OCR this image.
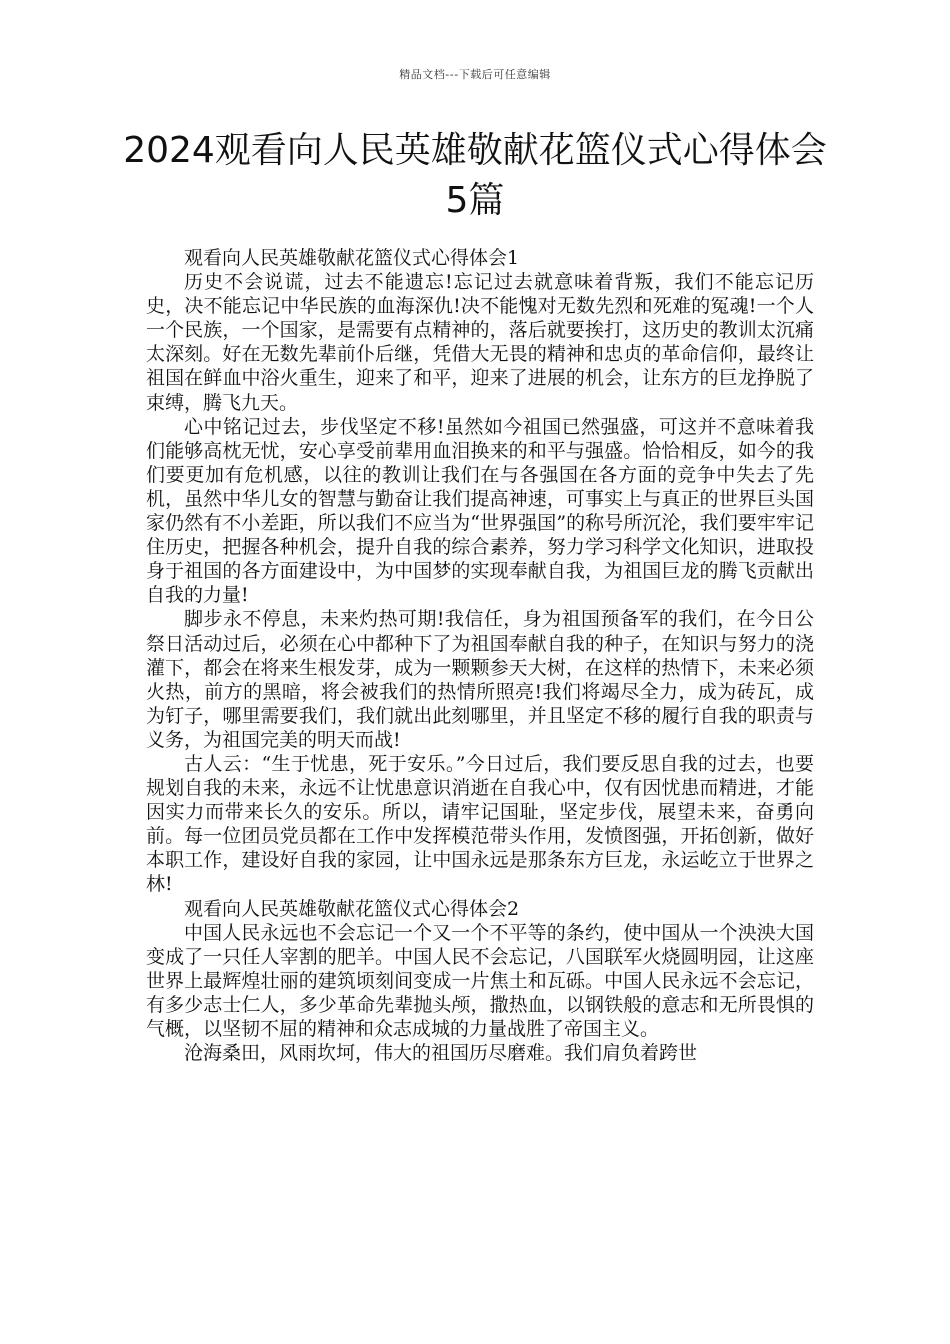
精品文档---下载后可任意编辑
2024观看向人民英雄敬献花篮仪式心得体会5篇

观看向人民英雄敬献花篮仪式心得体会1

历史不会说谎，过去不能遗忘!忘记过去就意味着背叛，我们不能忘记历史，决不能忘记中华民族的血海深仇!决不能愧对无数先烈和死难的冤魂!一个人一个民族，一个国家，是需要有点精神的，落后就要挨打，这历史的教训太沉痛太深刻。好在无数先辈前仆后继，凭借大无畏的精神和忠贞的革命信仰，最终让祖国在鲜血中浴火重生，迎来了和平，迎来了进展的机会，让东方的巨龙挣脱了束缚，腾飞九天。

心中铭记过去，步伐坚定不移!虽然如今祖国已然强盛，可这并不意味着我们能够高枕无忧，安心享受前辈用血泪换来的和平与强盛。恰恰相反，如今的我们要更加有危机感，以往的教训让我们在与各强国在各方面的竞争中失去了先机，虽然中华儿女的智慧与勤奋让我们提高神速，可事实上与真正的世界巨头国家仍然有不小差距，所以我们不应当为“世界强国”的称号所沉沦，我们要牢牢记住历史，把握各种机会，提升自我的综合素养，努力学习科学文化知识，进取投身于祖国的各方面建设中，为中国梦的实现奉献自我，为祖国巨龙的腾飞贡献出自我的力量!

脚步永不停息，未来灼热可期!我信任，身为祖国预备军的我们，在今日公祭日活动过后，必须在心中都种下了为祖国奉献自我的种子，在知识与努力的浇灌下，都会在将来生根发芽，成为一颗颗参天大树，在这样的热情下，未来必须火热，前方的黑暗，将会被我们的热情所照亮!我们将竭尽全力，成为砖瓦，成为钉子，哪里需要我们，我们就出此刻哪里，并且坚定不移的履行自我的职责与义务，为祖国完美的明天而战!

古人云：“生于忧患，死于安乐。”今日过后，我们要反思自我的过去，也要规划自我的未来，永远不让忧患意识消逝在自我心中，仅有因忧患而精进，才能因实力而带来长久的安乐。所以，请牢记国耻，坚定步伐，展望未来，奋勇向前。每一位团员党员都在工作中发挥模范带头作用，发愤图强，开拓创新，做好本职工作，建设好自我的家园，让中国永远是那条东方巨龙，永运屹立于世界之林!

观看向人民英雄敬献花篮仪式心得体会2

中国人民永远也不会忘记一个又一个不平等的条约，使中国从一个泱泱大国变成了一只任人宰割的肥羊。中国人民不会忘记，八国联军火烧圆明园，让这座世界上最辉煌壮丽的建筑顷刻间变成一片焦土和瓦砾。中国人民永远不会忘记，有多少志士仁人，多少革命先辈抛头颅，撒热血，以钢铁般的意志和无所畏惧的气概，以坚韧不屈的精神和众志成城的力量战胜了帝国主义。

沧海桑田，风雨坎坷，伟大的祖国历尽磨难。我们肩负着跨世
